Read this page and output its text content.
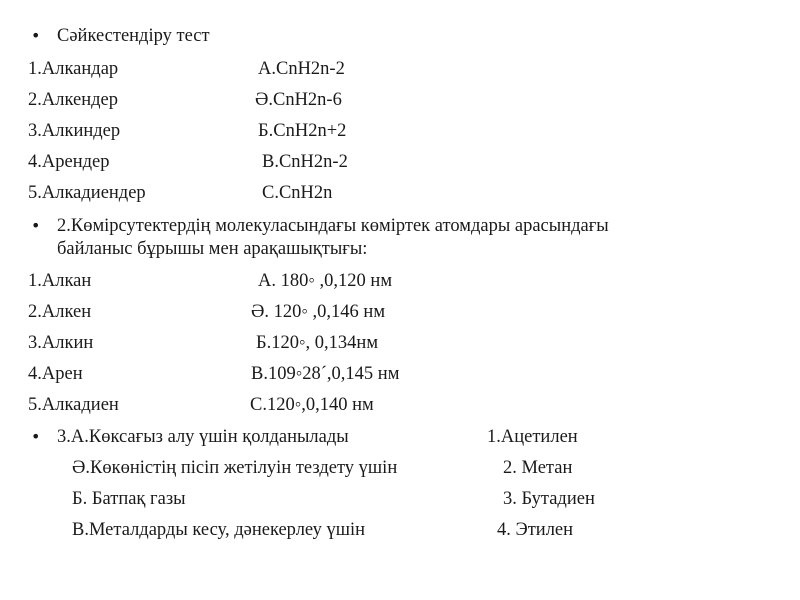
• Сәйкестендіру тест
1.Алкандар	А.CnH2n-2
2.Алкендер	Ә.CnH2n-6
3.Алкиндер	Б.CnH2n+2
4.Арендер	В.CnH2n-2
5.Алкадиендер	С.CnH2n
• 2.Көмірсутектердің молекуласындағы көміртек атомдары арасындағы
байланыс бұрышы мен арақашықтығы:
1.Алкан	А. 180◦ ,0,120 нм
2.Алкен	Ә. 120◦ ,0,146 нм
3.Алкин	Б.120◦, 0,134нм
4.Арен	В.109◦28´,0,145 нм
5.Алкадиен	С.120◦,0,140 нм
• 3.А.Көксағыз алу үшін қолданылады	1.Ацетилен
Ә.Көкөністің пісіп жетілуін тездету үшін	2. Метан
Б. Батпақ газы	3. Бутадиен
В.Металдарды кесу, дәнекерлеу үшін	4. Этилен
